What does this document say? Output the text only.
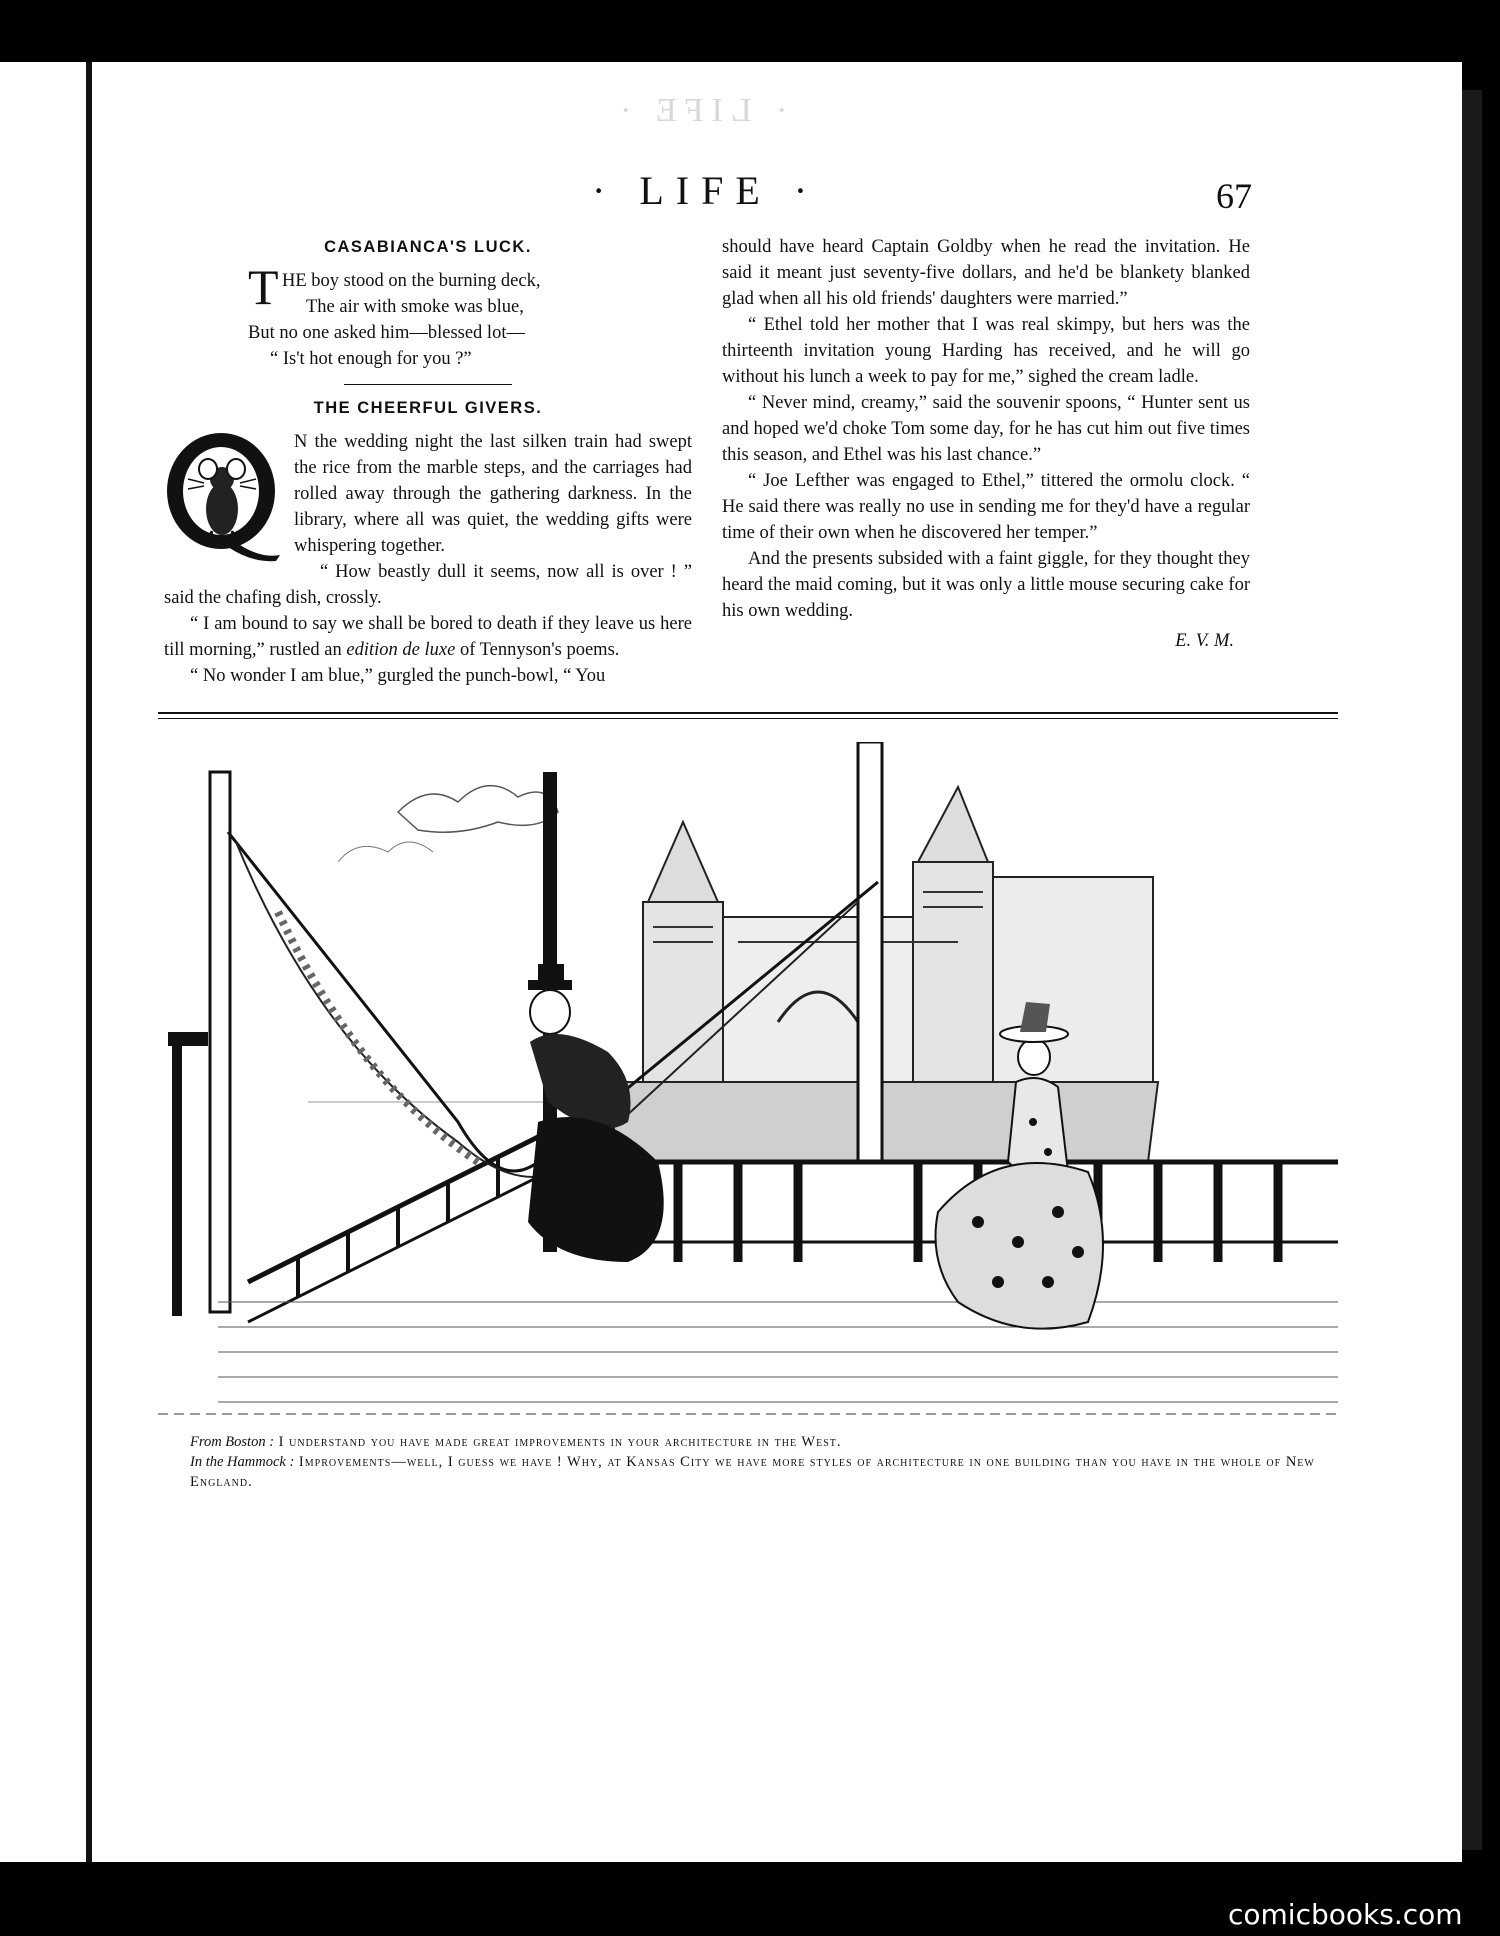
· LIFE ·
· LIFE ·	67
CASABIANCA'S LUCK.
T HE boy stood on the burning deck,
The air with smoke was blue,
But no one asked him—blessed lot—
“ Is't hot enough for you ?”
THE CHEERFUL GIVERS.

N the wedding night the last silken train had swept the rice from the marble steps, and the carriages had rolled away through the gathering darkness. In the library, where all was quiet, the wedding gifts were whispering together.

“ How beastly dull it seems, now all is over ! ” said the chafing dish, crossly.

“ I am bound to say we shall be bored to death if they leave us here till morning,” rustled an edition de luxe of Tennyson's poems.

“ No wonder I am blue,” gurgled the punch-bowl, “ You

should have heard Captain Goldby when he read the invitation. He said it meant just seventy-five dollars, and he'd be blankety blanked glad when all his old friends' daughters were married.”

“ Ethel told her mother that I was real skimpy, but hers was the thirteenth invitation young Harding has received, and he will go without his lunch a week to pay for me,” sighed the cream ladle.

“ Never mind, creamy,” said the souvenir spoons, “ Hunter sent us and hoped we'd choke Tom some day, for he has cut him out five times this season, and Ethel was his last chance.”

“ Joe Lefther was engaged to Ethel,” tittered the ormolu clock. “ He said there was really no use in sending me for they'd have a regular time of their own when he discovered her temper.”

And the presents subsided with a faint giggle, for they thought they heard the maid coming, but it was only a little mouse securing cake for his own wedding.

E. V. M.
From Boston : I understand you have made great improvements in your architecture in the West.
In the Hammock : Improvements—well, I guess we have ! Why, at Kansas City we have more styles of architecture in one building than you have in the whole of New England.
comicbooks.com
